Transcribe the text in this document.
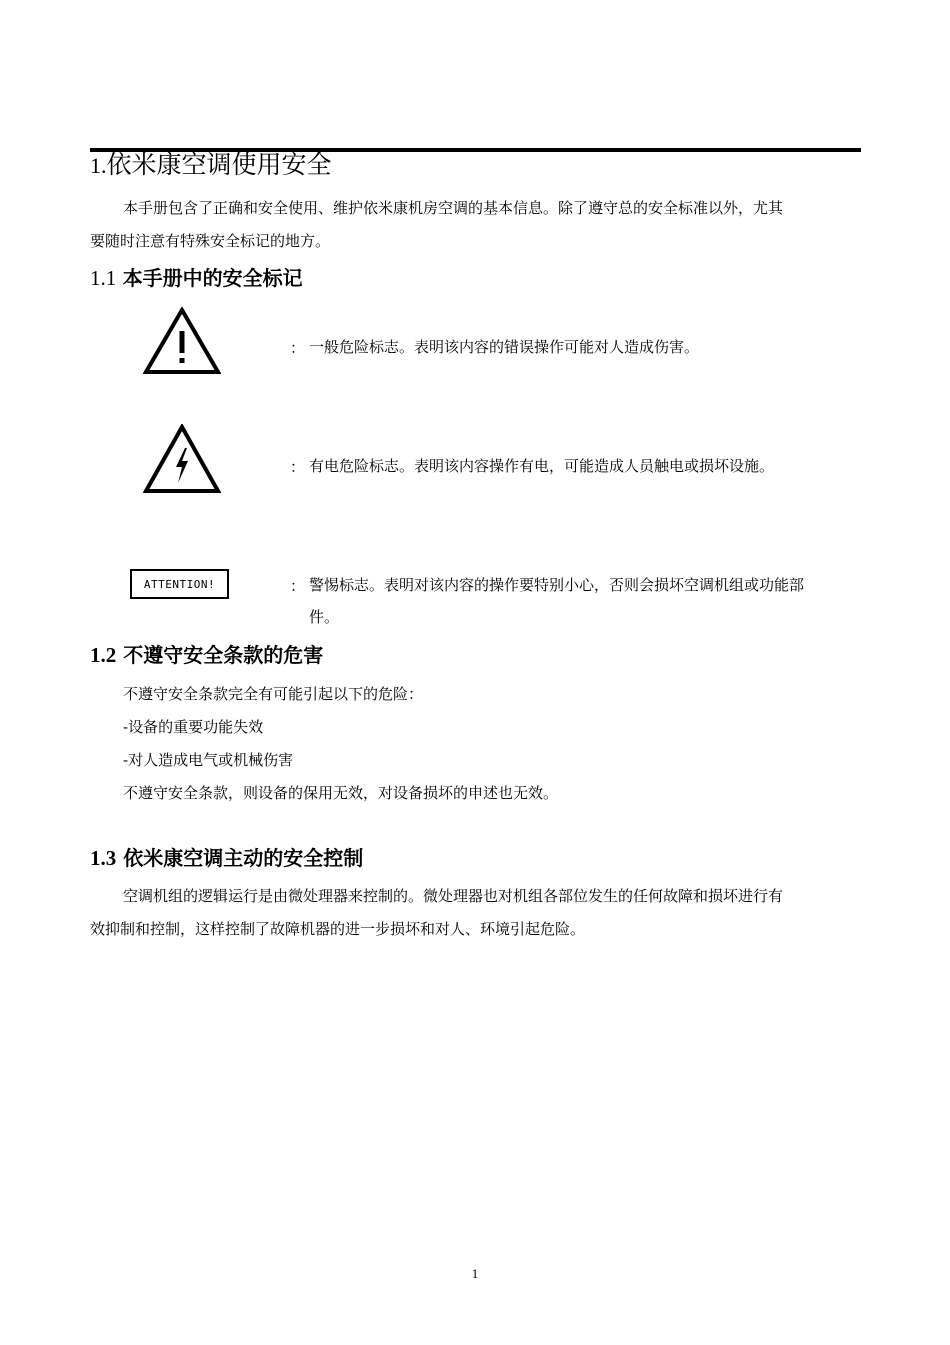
1.依米康空调使用安全
本手册包含了正确和安全使用、维护依米康机房空调的基本信息。除了遵守总的安全标准以外，尤其
要随时注意有特殊安全标记的地方。
1.1 本手册中的安全标记
： 一般危险标志。表明该内容的错误操作可能对人造成伤害。
： 有电危险标志。表明该内容操作有电，可能造成人员触电或损坏设施。
ATTENTION!	： 警惕标志。表明对该内容的操作要特别小心，否则会损坏空调机组或功能部
件。
1.2 不遵守安全条款的危害
不遵守安全条款完全有可能引起以下的危险：
-设备的重要功能失效
-对人造成电气或机械伤害
不遵守安全条款，则设备的保用无效，对设备损坏的申述也无效。
1.3 依米康空调主动的安全控制
空调机组的逻辑运行是由微处理器来控制的。微处理器也对机组各部位发生的任何故障和损坏进行有
效抑制和控制，这样控制了故障机器的进一步损坏和对人、环境引起危险。
1
